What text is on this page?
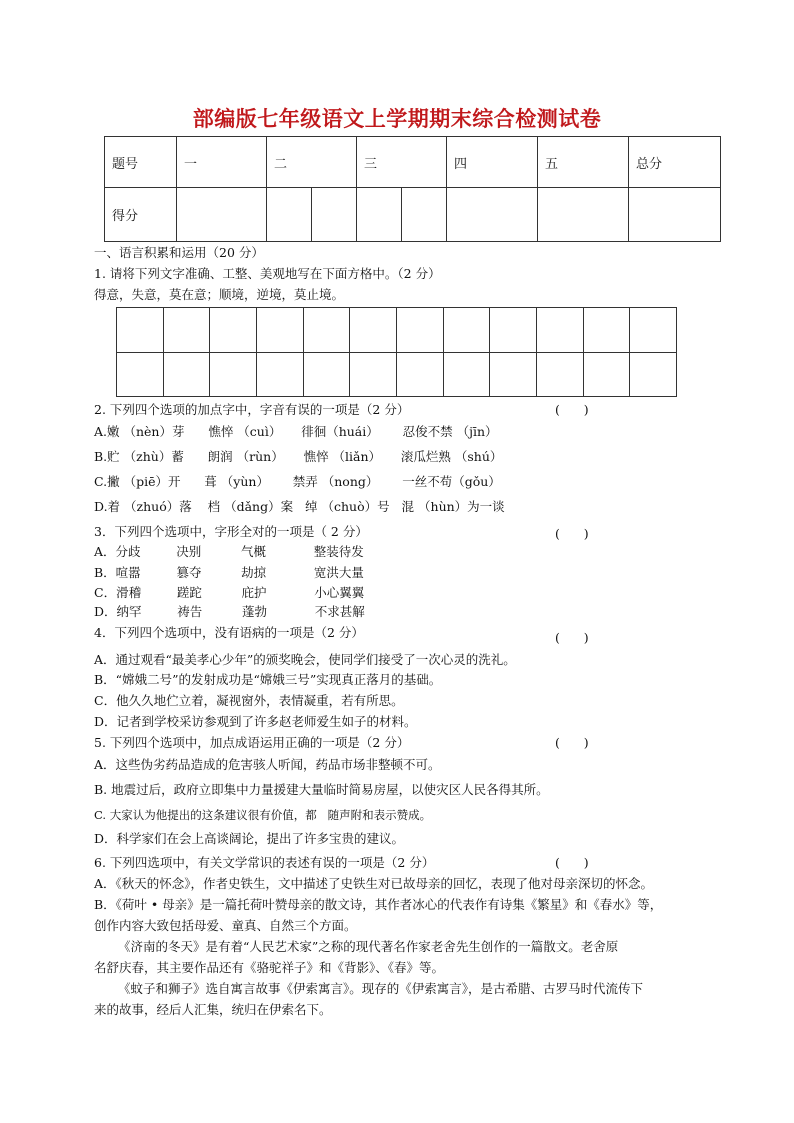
部编版七年级语文上学期期末综合检测试卷
题号	一	二		三		四	五	总分
得分								
一、语言积累和运用（20 分）
1. 请将下列文字准确、工整、美观地写在下面方格中。（2 分）
得意，失意，莫在意；顺境，逆境，莫止境。

2. 下列四个选项的加点字中，字音有误的一项是（2 分）	(      )
A.嫩 （nèn）芽      憔悴 （cuì）     徘徊（huái）      忍俊不禁 （jīn）
B.贮 （zhù）蓄      朗润 （rùn）     憔悴 （liǎn）     滚瓜烂熟 （shú）
C.撇 （piē）开      葺 （yùn）      禁弄 （nong）      一丝不苟（gǒu）
D.着 （zhuó）落    档 （dǎng）案   绰 （chuò）号   混 （hùn）为一谈
3．下列四个选项中，字形全对的一项是（ 2 分）	(      )
A．分歧         决别          气概            整装待发
B．喧嚣         篡夺          劫掠            宽洪大量
C．滑稽         蹉跎          庇护            小心翼翼
D．纳罕         祷告          蓬勃            不求甚解
4．下列四个选项中，没有语病的一项是（2 分）	(      )
A．通过观看“最美孝心少年”的颁奖晚会，使同学们接受了一次心灵的洗礼。
B．“嫦娥二号”的发射成功是“嫦娥三号”实现真正落月的基础。
C．他久久地伫立着，凝视窗外，表情凝重，若有所思。
D．记者到学校采访参观到了许多赵老师爱生如子的材料。
5. 下列四个选项中，加点成语运用正确的一项是（2 分）	(      )
A．这些伪劣药品造成的危害骇人听闻，药品市场非整顿不可。
B. 地震过后，政府立即集中力量援建大量临时简易房屋，以使灾区人民各得其所。
C. 大家认为他提出的这条建议很有价值，都   随声附和表示赞成。
D．科学家们在会上高谈阔论，提出了许多宝贵的建议。
6. 下列四选项中，有关文学常识的表述有误的一项是（2 分）	(      )
A．《秋天的怀念》，作者史铁生，文中描述了史铁生对已故母亲的回忆，表现了他对母亲深切的怀念。
B．《荷叶 • 母亲》是一篇托荷叶赞母亲的散文诗，其作者冰心的代表作有诗集《繁星》和《春水》等，
创作内容大致包括母爱、童真、自然三个方面。
《济南的冬天》是有着“人民艺术家”之称的现代著名作家老舍先生创作的一篇散文。老舍原
名舒庆春，其主要作品还有《骆驼祥子》和《背影》、《春》等。
《蚊子和狮子》选自寓言故事《伊索寓言》。现存的《伊索寓言》，是古希腊、古罗马时代流传下
来的故事，经后人汇集，统归在伊索名下。
